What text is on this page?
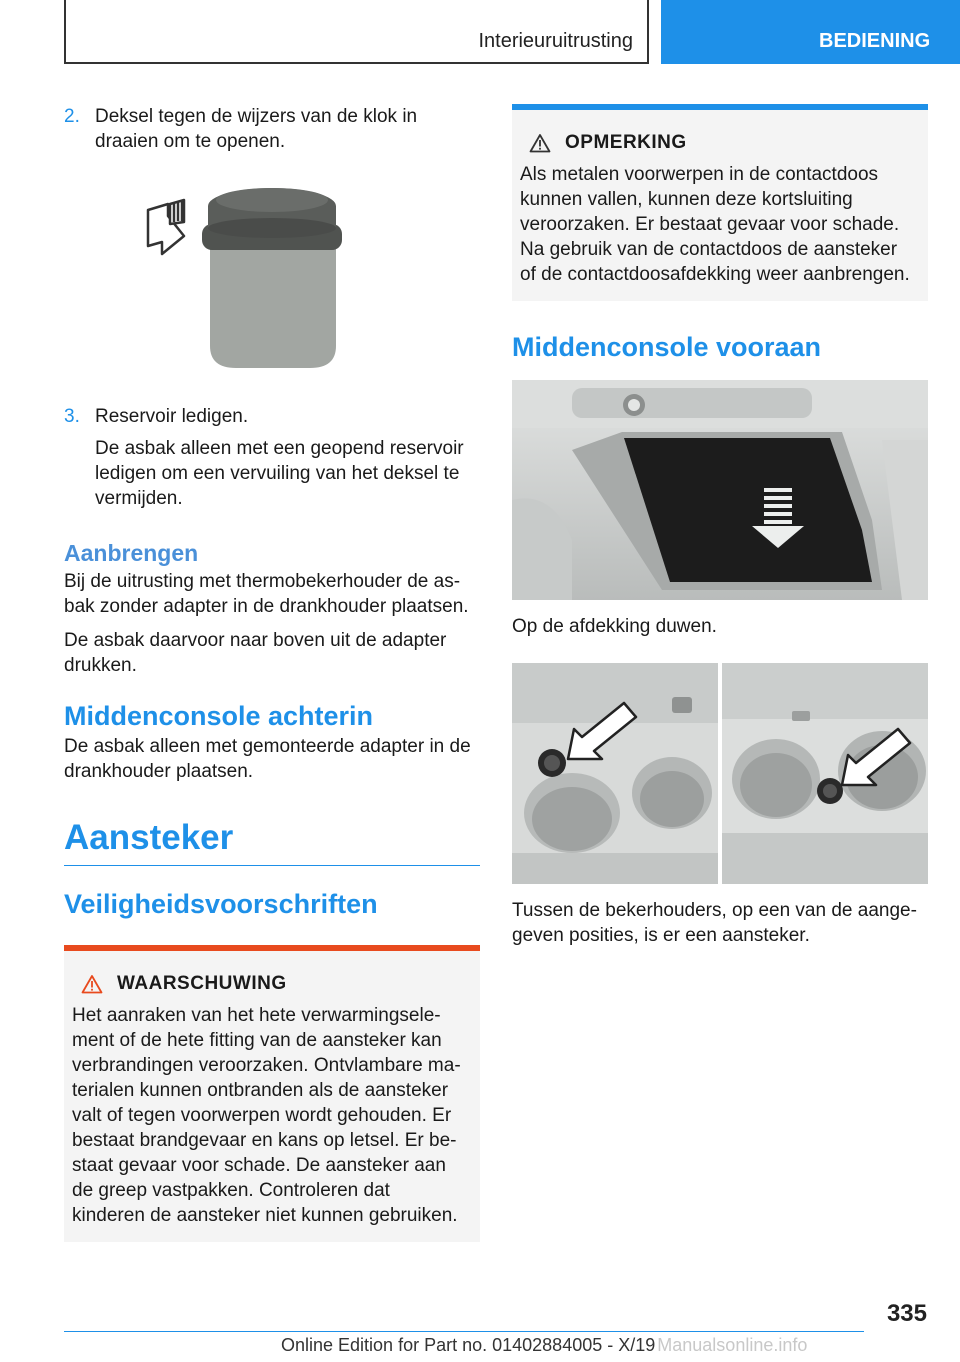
Interieuruitrusting	BEDIENING
2. Deksel tegen de wijzers van de klok in draaien om te openen.

3. Reservoir ledigen.

De asbak alleen met een geopend reservoir ledigen om een vervuiling van het deksel te vermijden.

Aanbrengen

Bij de uitrusting met thermobekerhouder de asbak zonder adapter in de drankhouder plaatsen.

De asbak daarvoor naar boven uit de adapter drukken.

Middenconsole achterin

De asbak alleen met gemonteerde adapter in de drankhouder plaatsen.

Aansteker
Veiligheidsvoorschriften
WAARSCHUWING

Het aanraken van het hete verwarmingselement of de hete fitting van de aansteker kan verbrandingen veroorzaken. Ontvlambare materialen kunnen ontbranden als de aansteker valt of tegen voorwerpen wordt gehouden. Er bestaat brandgevaar en kans op letsel. Er bestaat gevaar voor schade. De aansteker aan de greep vastpakken. Controleren dat kinderen de aansteker niet kunnen gebruiken.

OPMERKING

Als metalen voorwerpen in de contactdoos kunnen vallen, kunnen deze kortsluiting veroorzaken. Er bestaat gevaar voor schade. Na gebruik van de contactdoos de aansteker of de contactdoosafdekking weer aanbrengen.

Middenconsole vooraan

Op de afdekking duwen.

Tussen de bekerhouders, op een van de aangegeven posities, is er een aansteker.

335
Online Edition for Part no. 01402884005 - X/19 Manualsonline.info
